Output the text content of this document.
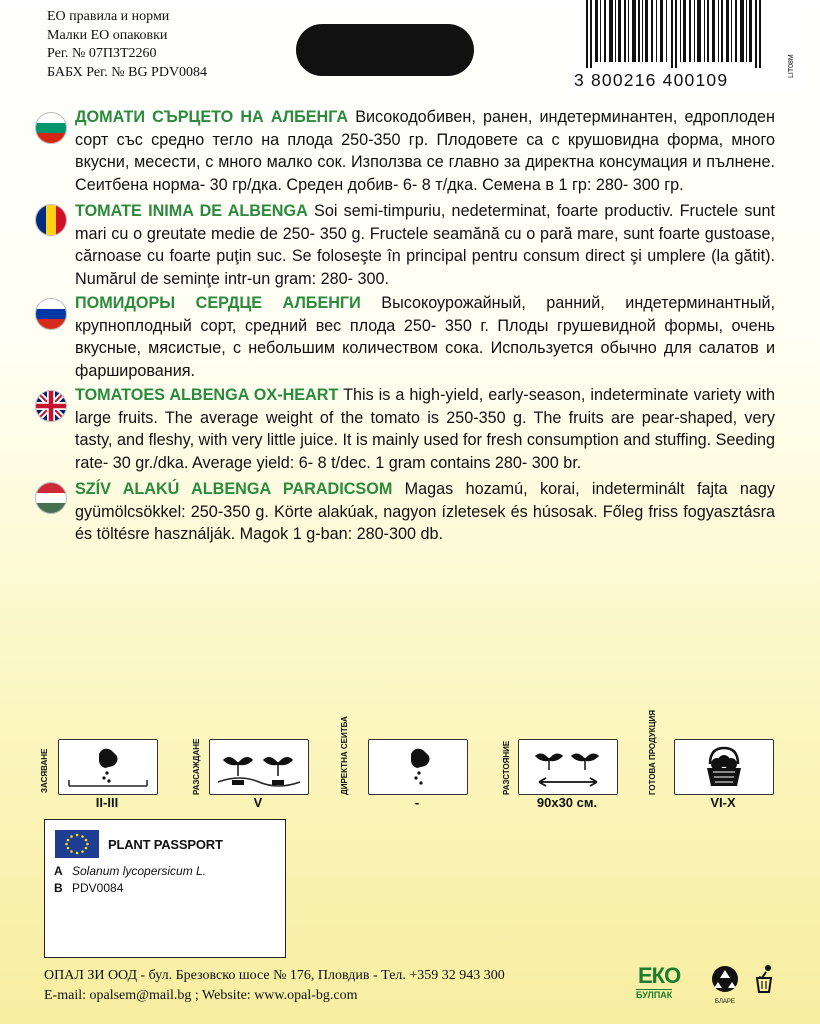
ЕО правила и норми
Малки ЕО опаковки
Рег. № 07ПЗТ2260
БАБХ Рег. № BG PDV0084	3 800216 400109
LIT08M
ДОМАТИ СЪРЦЕТО НА АЛБЕНГА Високодобивен, ранен, индетерминантен, едроплоден сорт със средно тегло на плода 250-350 гр. Плодовете са с крушовидна форма, много вкусни, месести, с много малко сок. Използва се главно за директна консумация и пълнене. Сеитбена норма- 30 гр/дка. Среден добив- 6- 8 т/дка. Семена в 1 гр: 280- 300 гр.
TOMATE INIMA DE ALBENGA Soi semi-timpuriu, nedeterminat, foarte productiv. Fructele sunt mari cu o greutate medie de 250- 350 g. Fructele seamănă cu o pară mare, sunt foarte gustoase, cărnoase cu foarte puţin suc. Se foloseşte în principal pentru consum direct şi umplere (la gătit). Numărul de seminţe intr-un gram: 280- 300.
ПОМИДОРЫ СЕРДЦЕ АЛБЕНГИ Высокоурожайный, ранний, индетерминантный, крупноплодный сорт, средний вес плода 250- 350 г. Плоды грушевидной формы, очень вкусные, мясистые, с небольшим количеством сока. Используется обычно для салатов и фарширования.
TOMATOES ALBENGA OX-HEART This is a high-yield, early-season, indeterminate variety with large fruits. The average weight of the tomato is 250-350 g. The fruits are pear-shaped, very tasty, and fleshy, with very little juice. It is mainly used for fresh consumption and stuffing. Seeding rate- 30 gr./dka. Average yield: 6- 8 t/dec. 1 gram contains 280- 300 br.
SZÍV ALAKÚ ALBENGA PARADICSOM Magas hozamú, korai, indeterminált fajta nagy gyümölcsökkel: 250-350 g. Körte alakúak, nagyon ízletesek és húsosak. Főleg friss fogyasztásra és töltésre használják. Magok 1 g-ban: 280-300 db.
ЗАСЯВАНЕ
II-III
РАЗСАЖДАНЕ
V
ДИРЕКТНА СЕИТБА
-
РАЗСТОЯНИЕ
90x30 см.
ГОТОВА ПРОДУКЦИЯ
VI-X
PLANT PASSPORT
A Solanum lycopersicum L.
B PDV0084
ОПАЛ ЗИ ООД - бул. Брезовско шосе № 176, Пловдив - Тел. +359 32 943 300
E-mail: opalsem@mail.bg ; Website: www.opal-bg.com
ЕКО
БУЛПАК
БЛАРЕ
